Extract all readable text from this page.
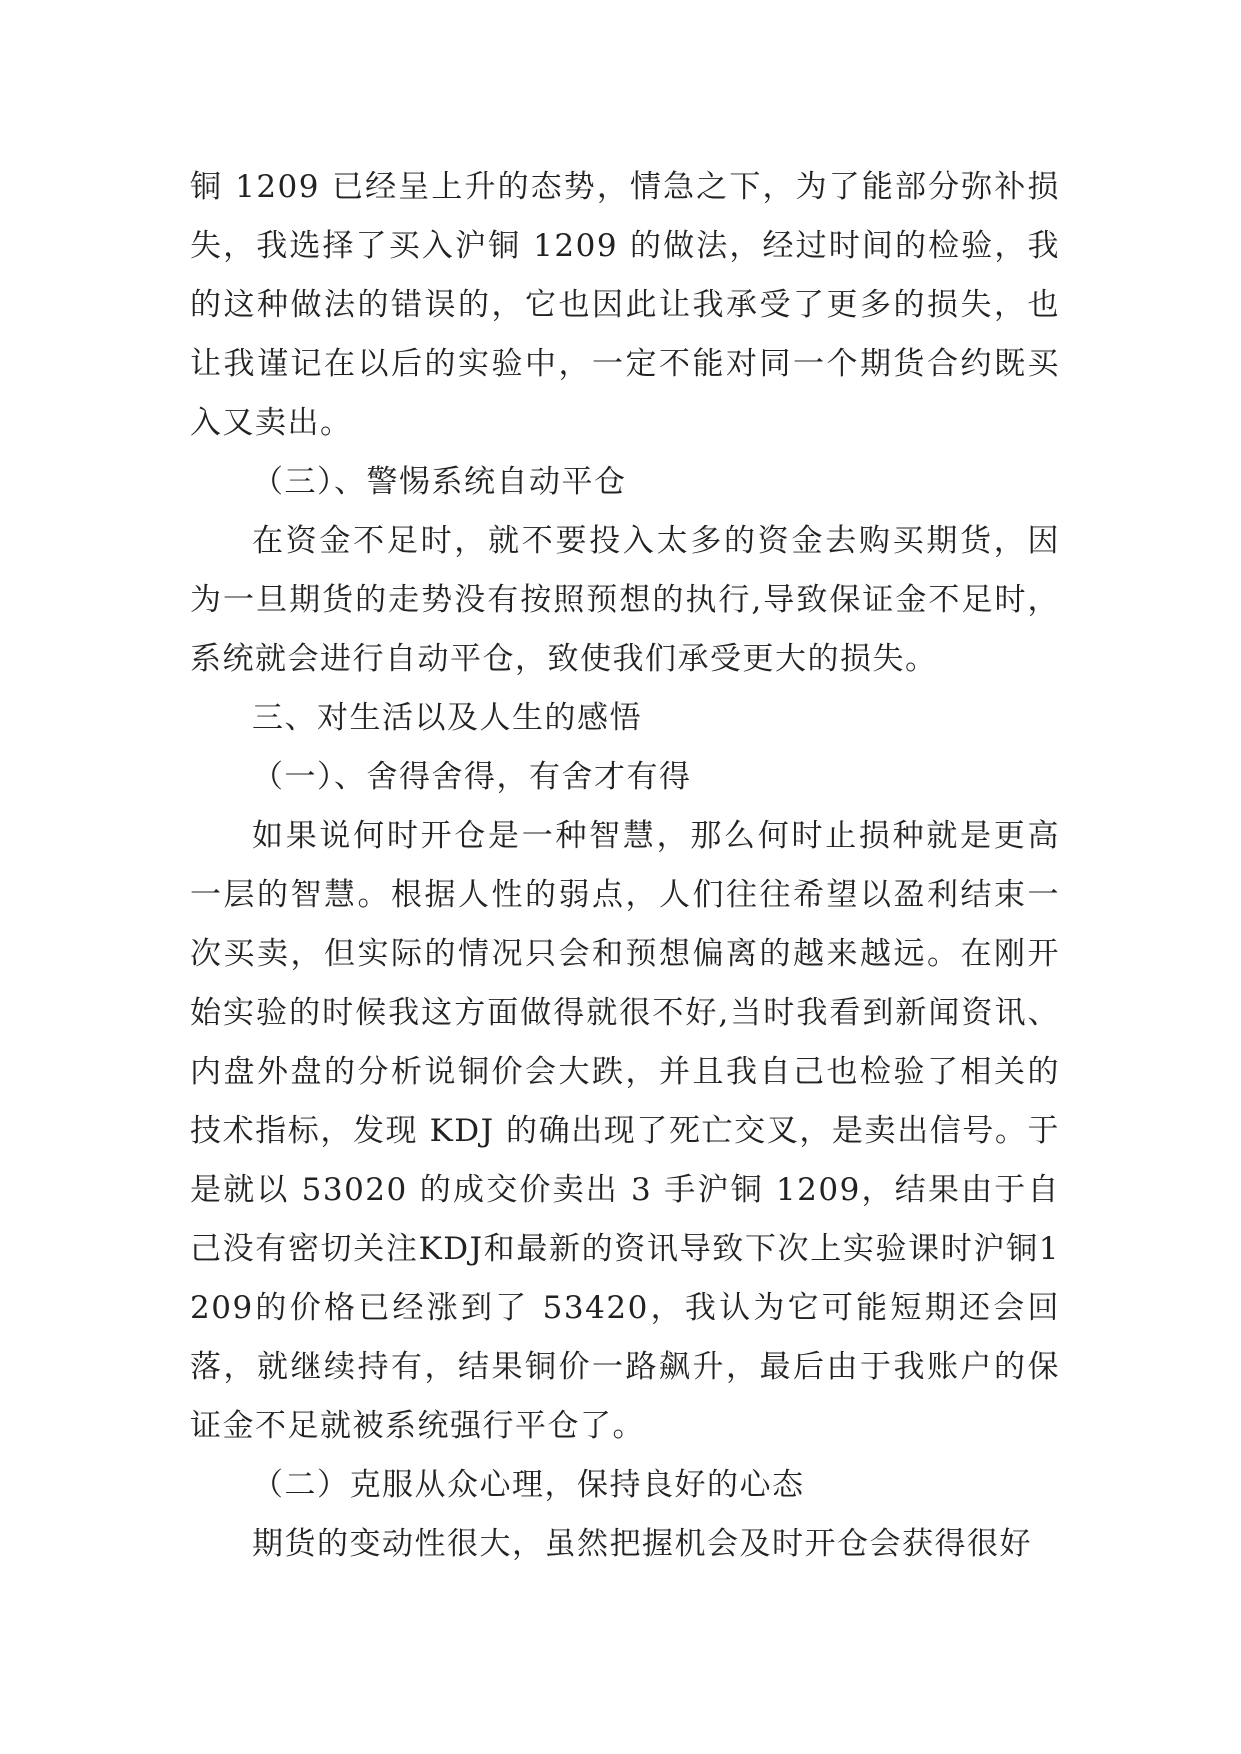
铜 1209 已经呈上升的态势，情急之下，为了能部分弥补损失，我选择了买入沪铜 1209 的做法，经过时间的检验，我的这种做法的错误的，它也因此让我承受了更多的损失，也让我谨记在以后的实验中，一定不能对同一个期货合约既买入又卖出。

（三）、警惕系统自动平仓

在资金不足时，就不要投入太多的资金去购买期货，因为一旦期货的走势没有按照预想的执行,导致保证金不足时，系统就会进行自动平仓，致使我们承受更大的损失。

三、对生活以及人生的感悟

（一）、舍得舍得，有舍才有得

如果说何时开仓是一种智慧，那么何时止损种就是更高一层的智慧。根据人性的弱点，人们往往希望以盈利结束一次买卖，但实际的情况只会和预想偏离的越来越远。在刚开始实验的时候我这方面做得就很不好,当时我看到新闻资讯、内盘外盘的分析说铜价会大跌，并且我自己也检验了相关的技术指标，发现 KDJ 的确出现了死亡交叉，是卖出信号。于是就以 53020 的成交价卖出 3 手沪铜 1209，结果由于自己没有密切关注KDJ和最新的资讯导致下次上实验课时沪铜1209的价格已经涨到了 53420，我认为它可能短期还会回落，就继续持有，结果铜价一路飙升，最后由于我账户的保证金不足就被系统强行平仓了。

（二）克服从众心理，保持良好的心态

期货的变动性很大，虽然把握机会及时开仓会获得很好
